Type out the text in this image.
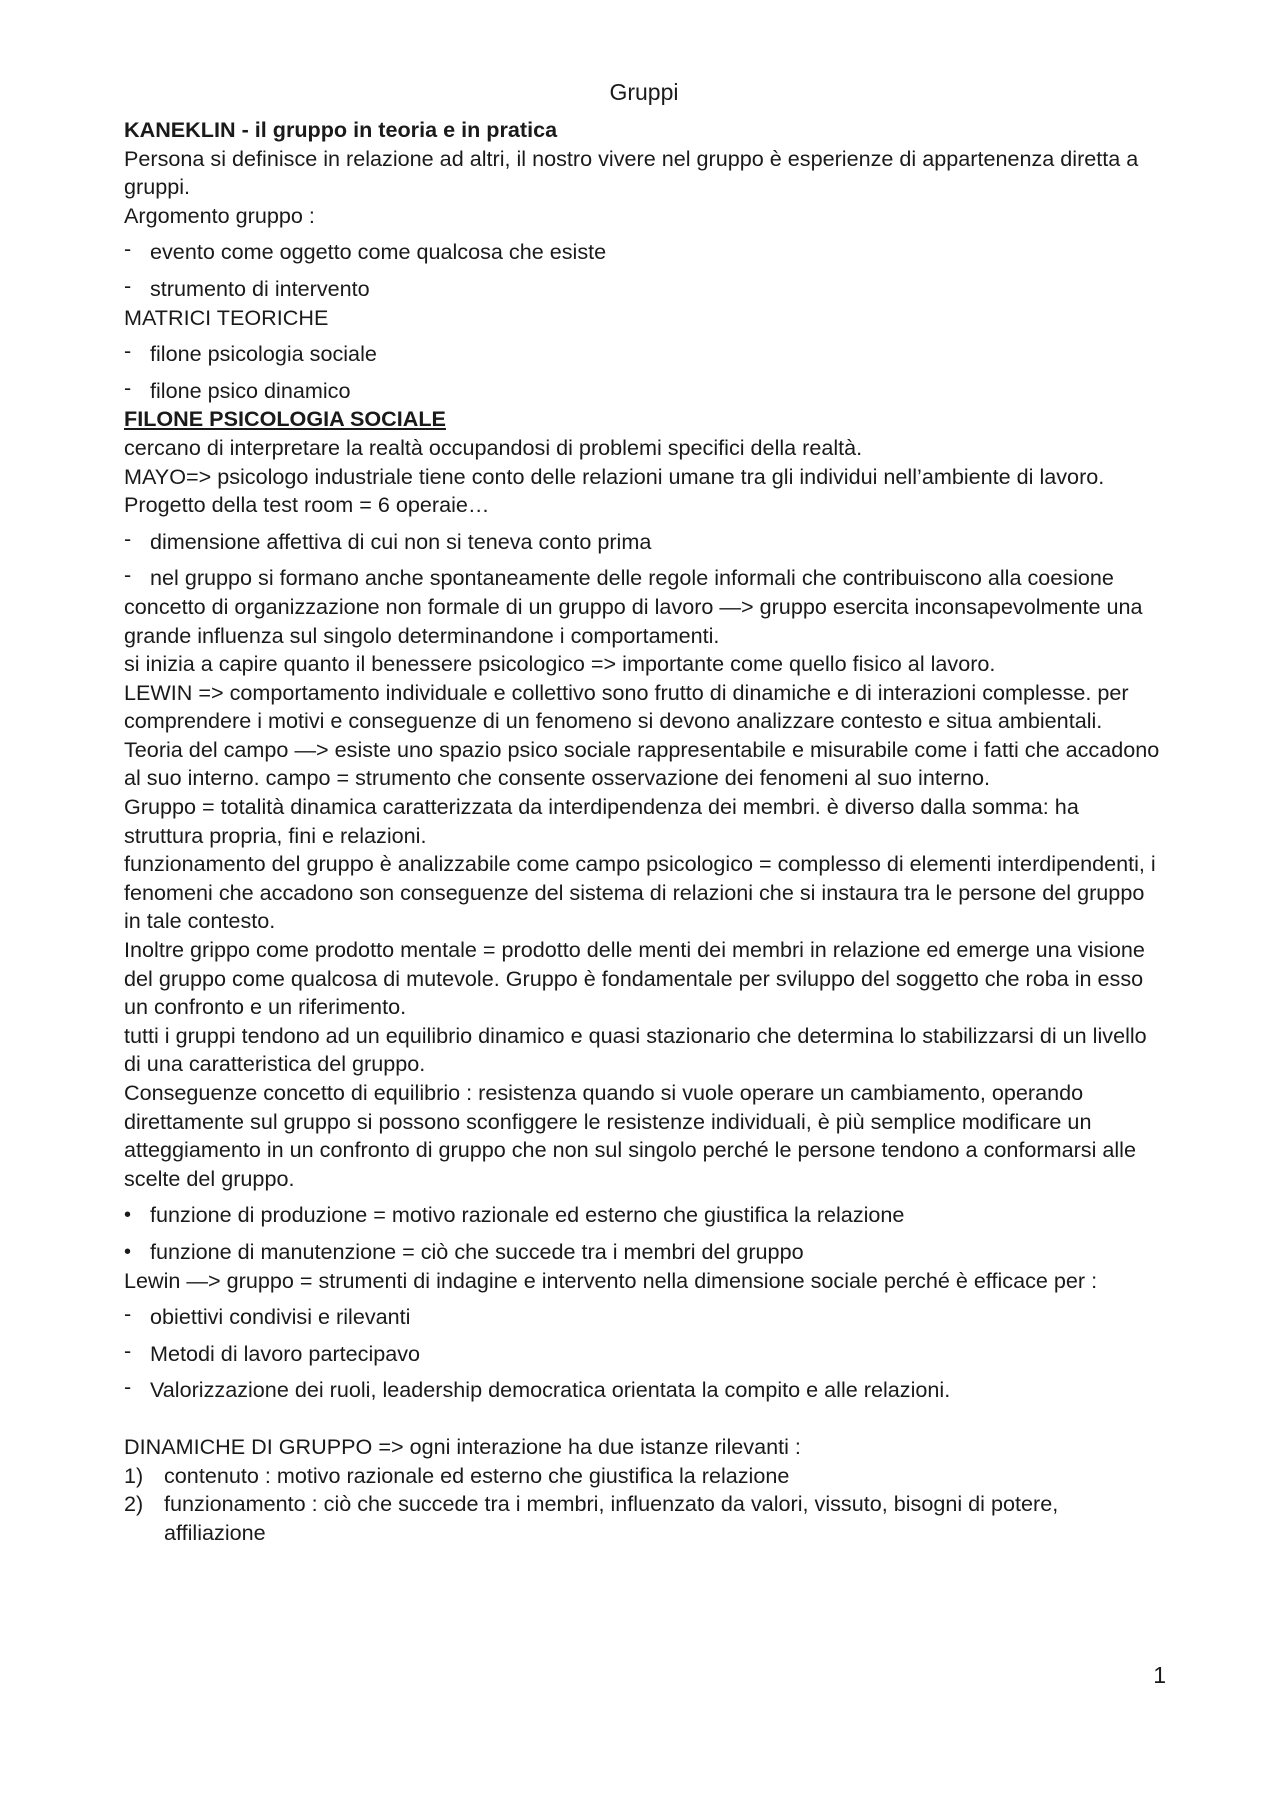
Gruppi

KANEKLIN - il gruppo in teoria e in pratica

Persona si definisce in relazione ad altri, il nostro vivere nel gruppo è esperienze di appartenenza diretta a gruppi.

Argomento gruppo :

- evento come oggetto come qualcosa che esiste
- strumento di intervento

MATRICI TEORICHE

- filone psicologia sociale
- filone psico dinamico

FILONE PSICOLOGIA SOCIALE

cercano di interpretare la realtà occupandosi di problemi specifici della realtà.

MAYO=> psicologo industriale tiene conto delle relazioni umane tra gli individui nell’ambiente di lavoro. Progetto della test room = 6 operaie…

- dimensione affettiva di cui non si teneva conto prima
- nel gruppo si formano anche spontaneamente delle regole informali che contribuiscono alla coesione

concetto di organizzazione non formale di un gruppo di lavoro —> gruppo esercita inconsapevolmente una grande influenza sul singolo determinandone i comportamenti.

si inizia a capire quanto il benessere psicologico => importante come quello fisico al lavoro.

LEWIN => comportamento individuale e collettivo sono frutto di dinamiche e di interazioni complesse. per comprendere i motivi e conseguenze di un fenomeno si devono analizzare contesto e situa ambientali.

Teoria del campo —> esiste uno spazio psico sociale rappresentabile e misurabile come i fatti che accadono al suo interno. campo = strumento che consente osservazione dei fenomeni al suo interno.

Gruppo = totalità dinamica caratterizzata da interdipendenza dei membri. è diverso dalla somma: ha struttura propria, fini e relazioni.

funzionamento del gruppo è analizzabile come campo psicologico = complesso di elementi interdipendenti, i fenomeni che accadono son conseguenze del sistema di relazioni che si instaura tra le persone del gruppo in tale contesto.

Inoltre grippo come prodotto mentale = prodotto delle menti dei membri in relazione ed emerge una visione del gruppo come qualcosa di mutevole. Gruppo è fondamentale per sviluppo del soggetto che roba in esso un confronto e un riferimento.

tutti i gruppi tendono ad un equilibrio dinamico e quasi stazionario che determina lo stabilizzarsi di un livello di una caratteristica del gruppo.

Conseguenze concetto di equilibrio : resistenza quando si vuole operare un cambiamento, operando direttamente sul gruppo si possono sconfiggere le resistenze individuali, è più semplice modificare un atteggiamento in un confronto di gruppo che non sul singolo perché le persone tendono a conformarsi alle scelte del gruppo.

• funzione di produzione = motivo razionale ed esterno che giustifica la relazione
• funzione di manutenzione = ciò che succede tra i membri del gruppo

Lewin —> gruppo = strumenti di indagine e intervento nella dimensione sociale perché è efficace per :

- obiettivi condivisi e rilevanti
- Metodi di lavoro partecipavo
- Valorizzazione dei ruoli, leadership democratica orientata la compito e alle relazioni.

DINAMICHE DI GRUPPO => ogni interazione ha due istanze rilevanti :

1) contenuto : motivo razionale ed esterno che giustifica la relazione
2) funzionamento : ciò che succede tra i membri, influenzato da valori, vissuto, bisogni di potere, affiliazione
1
